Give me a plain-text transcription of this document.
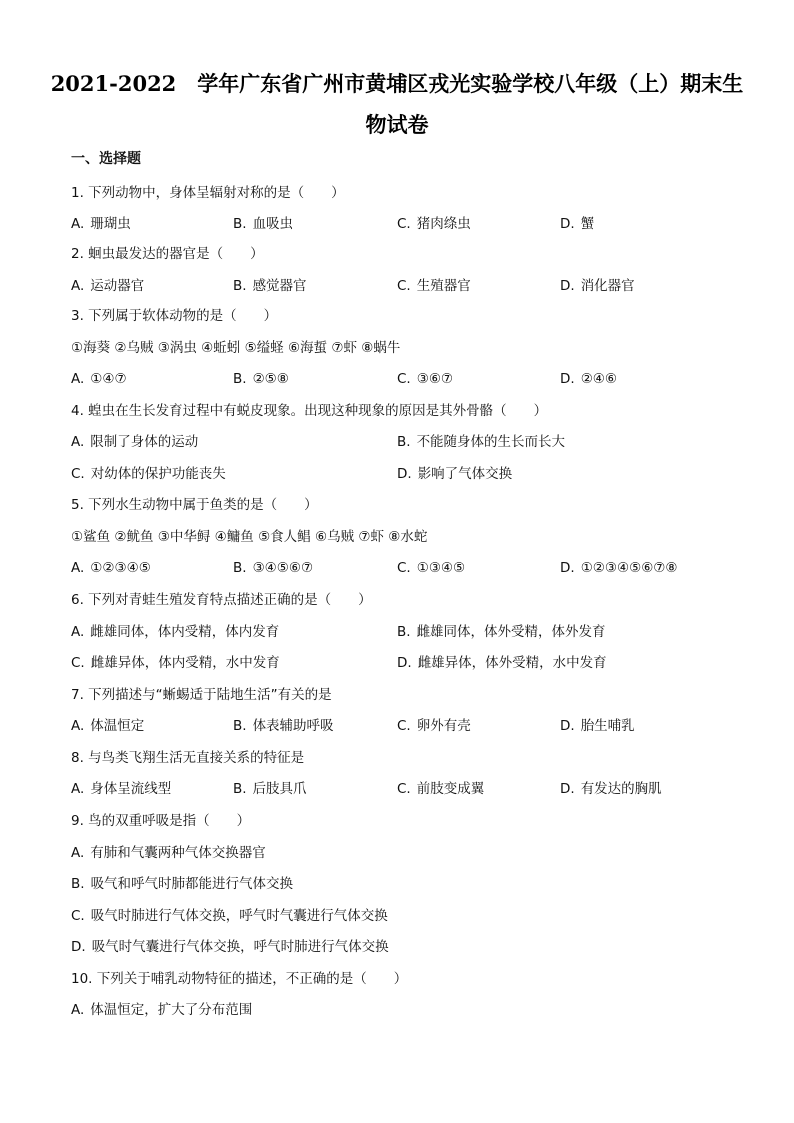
2021-2022　学年广东省广州市黄埔区戎光实验学校八年级（上）期末生
物试卷
一、选择题
1. 下列动物中，身体呈辐射对称的是（　　）
A. 珊瑚虫	B. 血吸虫	C. 猪肉绦虫	D. 蟹
2. 蛔虫最发达的器官是（　　）
A. 运动器官	B. 感觉器官	C. 生殖器官	D. 消化器官
3. 下列属于软体动物的是（　　）
①海葵 ②乌贼 ③涡虫 ④蚯蚓 ⑤缢蛏 ⑥海蜇 ⑦虾 ⑧蜗牛
A. ①④⑦	B. ②⑤⑧	C. ③⑥⑦	D. ②④⑥
4. 蝗虫在生长发育过程中有蜕皮现象。出现这种现象的原因是其外骨骼（　　）
A. 限制了身体的运动	B. 不能随身体的生长而长大
C. 对幼体的保护功能丧失	D. 影响了气体交换
5. 下列水生动物中属于鱼类的是（　　）
①鲨鱼 ②鱿鱼 ③中华鲟 ④鳙鱼 ⑤食人鲳 ⑥乌贼 ⑦虾 ⑧水蛇
A. ①②③④⑤	B. ③④⑤⑥⑦	C. ①③④⑤	D. ①②③④⑤⑥⑦⑧
6. 下列对青蛙生殖发育特点描述正确的是（　　）
A. 雌雄同体，体内受精，体内发育	B. 雌雄同体，体外受精，体外发育
C. 雌雄异体，体内受精，水中发育	D. 雌雄异体，体外受精，水中发育
7. 下列描述与“蜥蜴适于陆地生活”有关的是
A. 体温恒定	B. 体表辅助呼吸	C. 卵外有壳	D. 胎生哺乳
8. 与鸟类飞翔生活无直接关系的特征是
A. 身体呈流线型	B. 后肢具爪	C. 前肢变成翼	D. 有发达的胸肌
9. 鸟的双重呼吸是指（　　）
A. 有肺和气囊两种气体交换器官
B. 吸气和呼气时肺都能进行气体交换
C. 吸气时肺进行气体交换，呼气时气囊进行气体交换
D. 吸气时气囊进行气体交换，呼气时肺进行气体交换
10. 下列关于哺乳动物特征的描述，不正确的是（　　）
A. 体温恒定，扩大了分布范围
